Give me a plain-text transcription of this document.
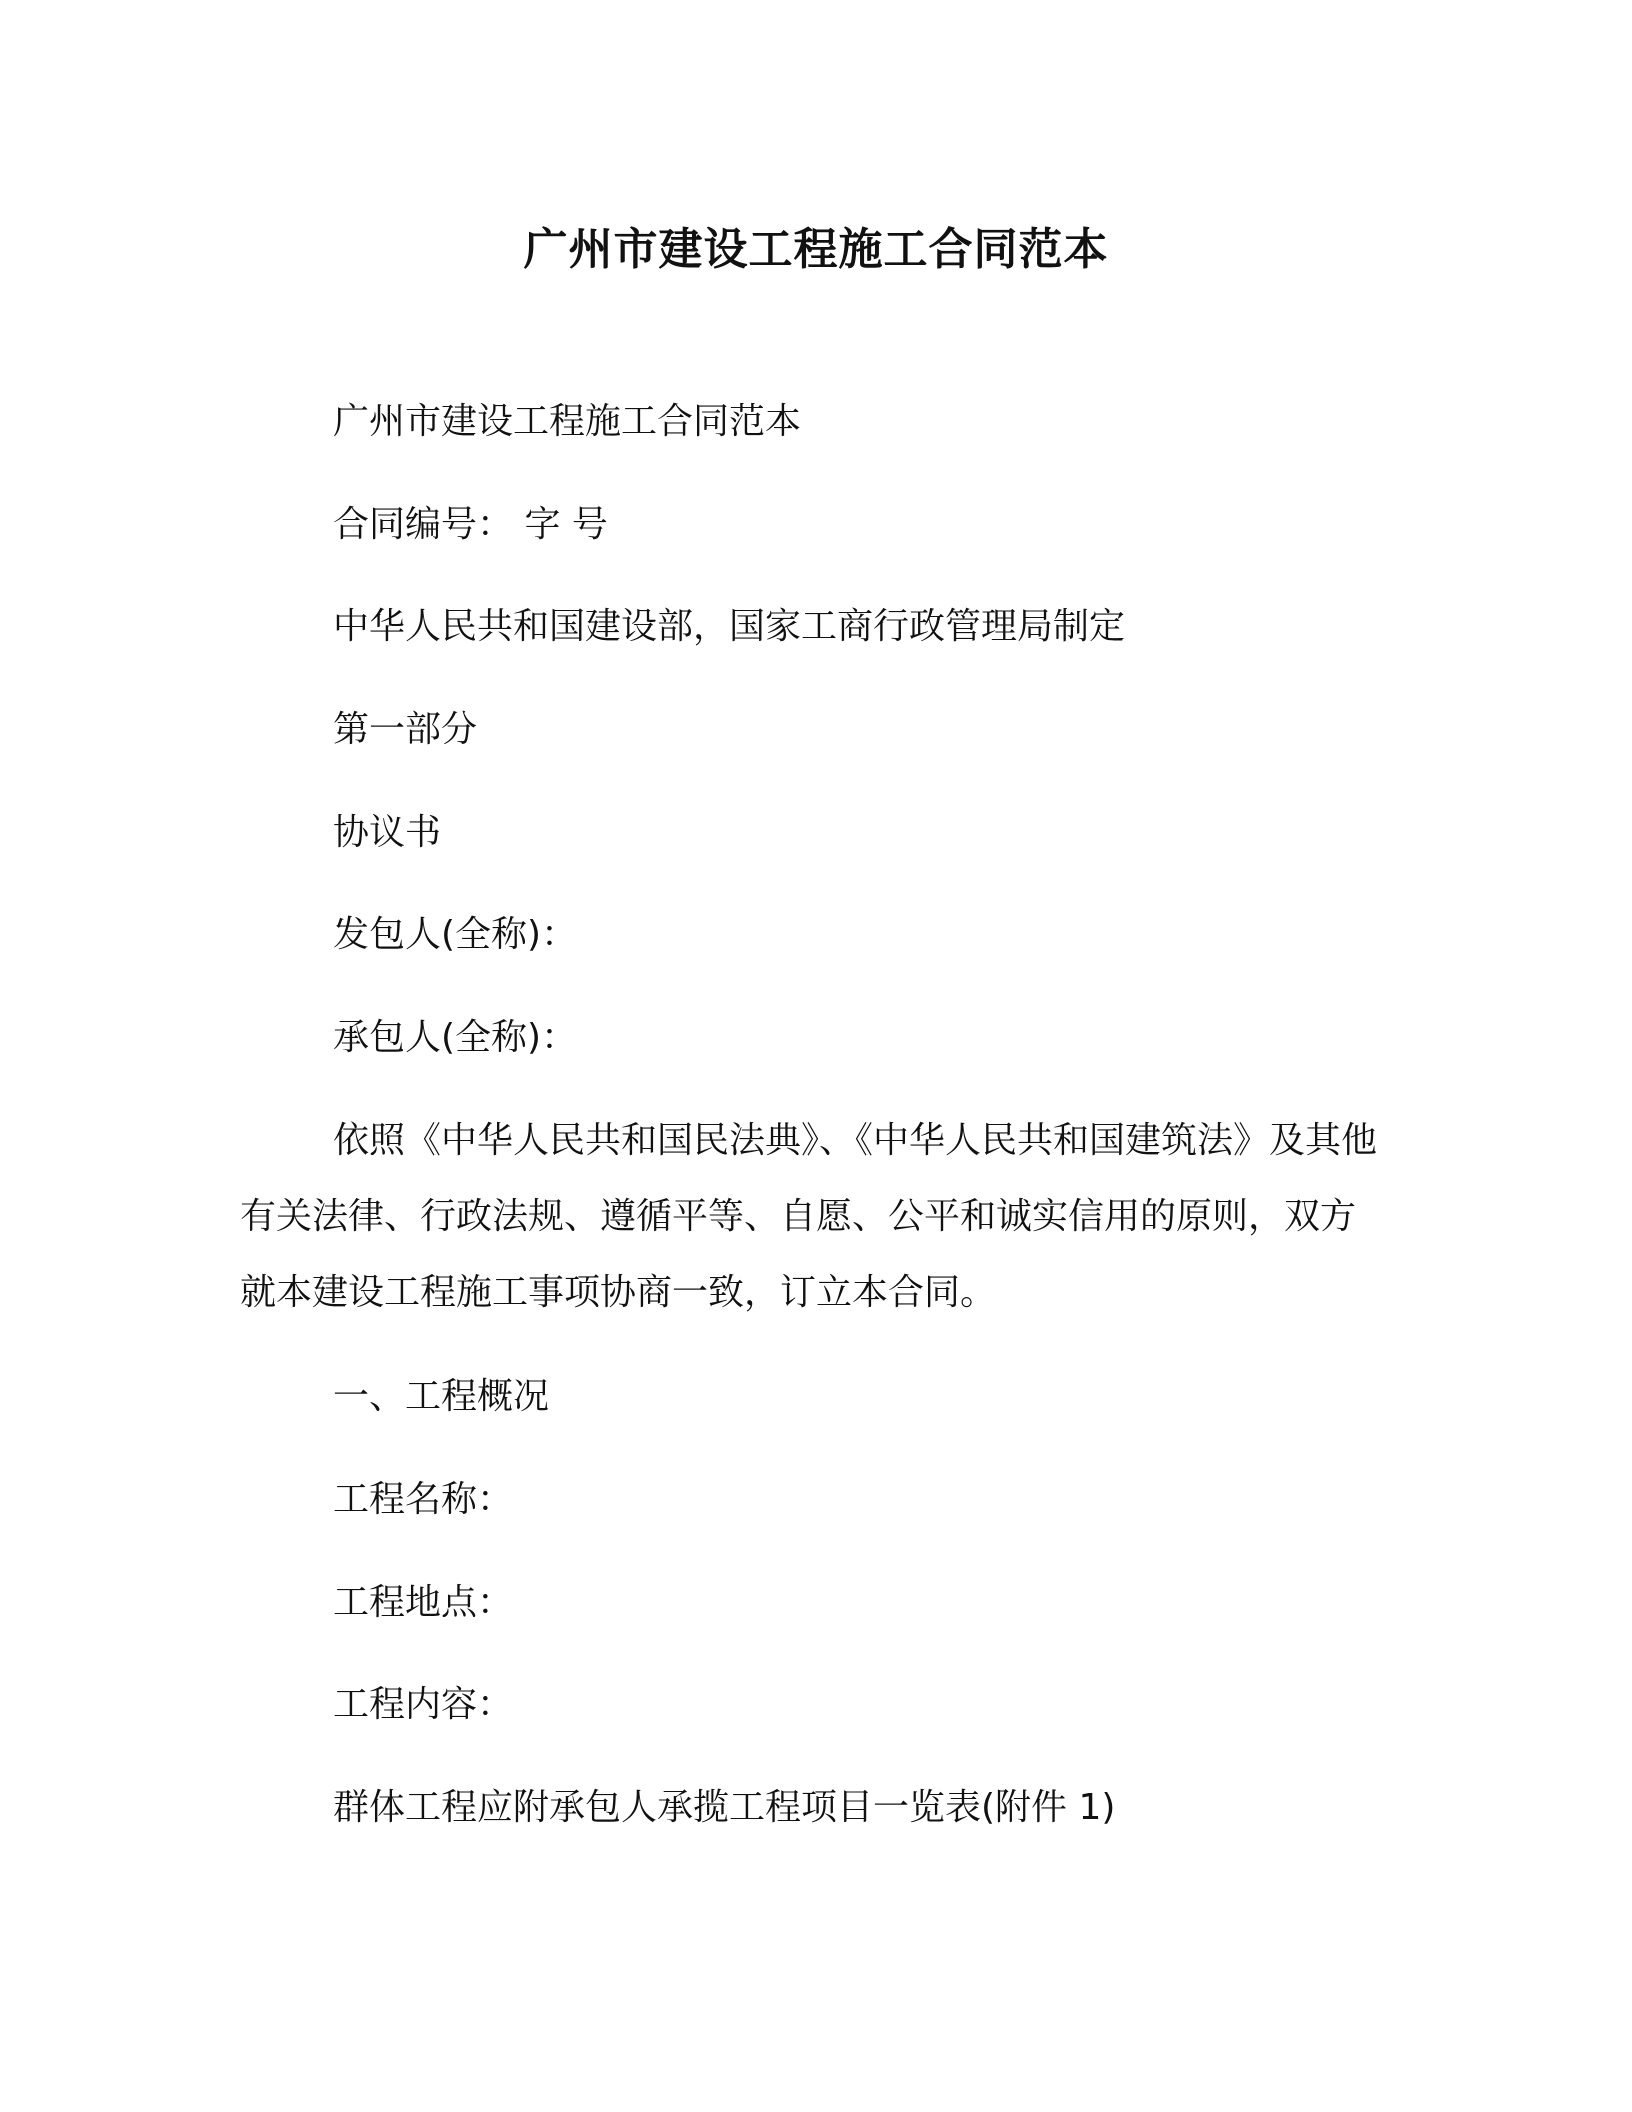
广州市建设工程施工合同范本

广州市建设工程施工合同范本

合同编号： 字 号

中华人民共和国建设部，国家工商行政管理局制定

第一部分

协议书

发包人(全称)：

承包人(全称)：

依照《中华人民共和国民法典》、《中华人民共和国建筑法》及其他有关法律、行政法规、遵循平等、自愿、公平和诚实信用的原则，双方就本建设工程施工事项协商一致，订立本合同。

一、工程概况

工程名称：

工程地点：

工程内容：

群体工程应附承包人承揽工程项目一览表(附件 1)
